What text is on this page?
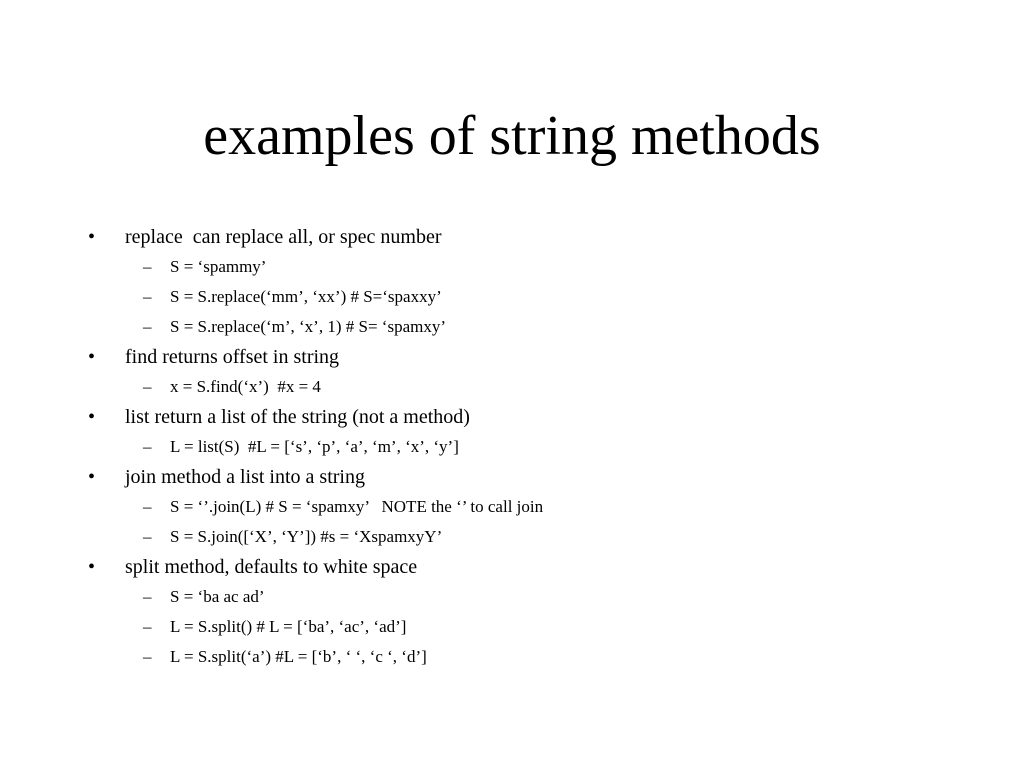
examples of string methods
•	replace  can replace all, or spec number
–	S = ‘spammy’
–	S = S.replace(‘mm’, ‘xx’) # S=‘spaxxy’
–	S = S.replace(‘m’, ‘x’, 1) # S= ‘spamxy’
•	find returns offset in string
–	x = S.find(‘x’)  #x = 4
•	list return a list of the string (not a method)
–	L = list(S)  #L = [‘s’, ‘p’, ‘a’, ‘m’, ‘x’, ‘y’]
•	join method a list into a string
–	S = ‘’.join(L) # S = ‘spamxy’   NOTE the ‘’ to call join
–	S = S.join([‘X’, ‘Y’]) #s = ‘XspamxyY’
•	split method, defaults to white space
–	S = ‘ba ac ad’
–	L = S.split() # L = [‘ba’, ‘ac’, ‘ad’]
–	L = S.split(‘a’) #L = [‘b’, ‘ ‘, ‘c ‘, ‘d’]
